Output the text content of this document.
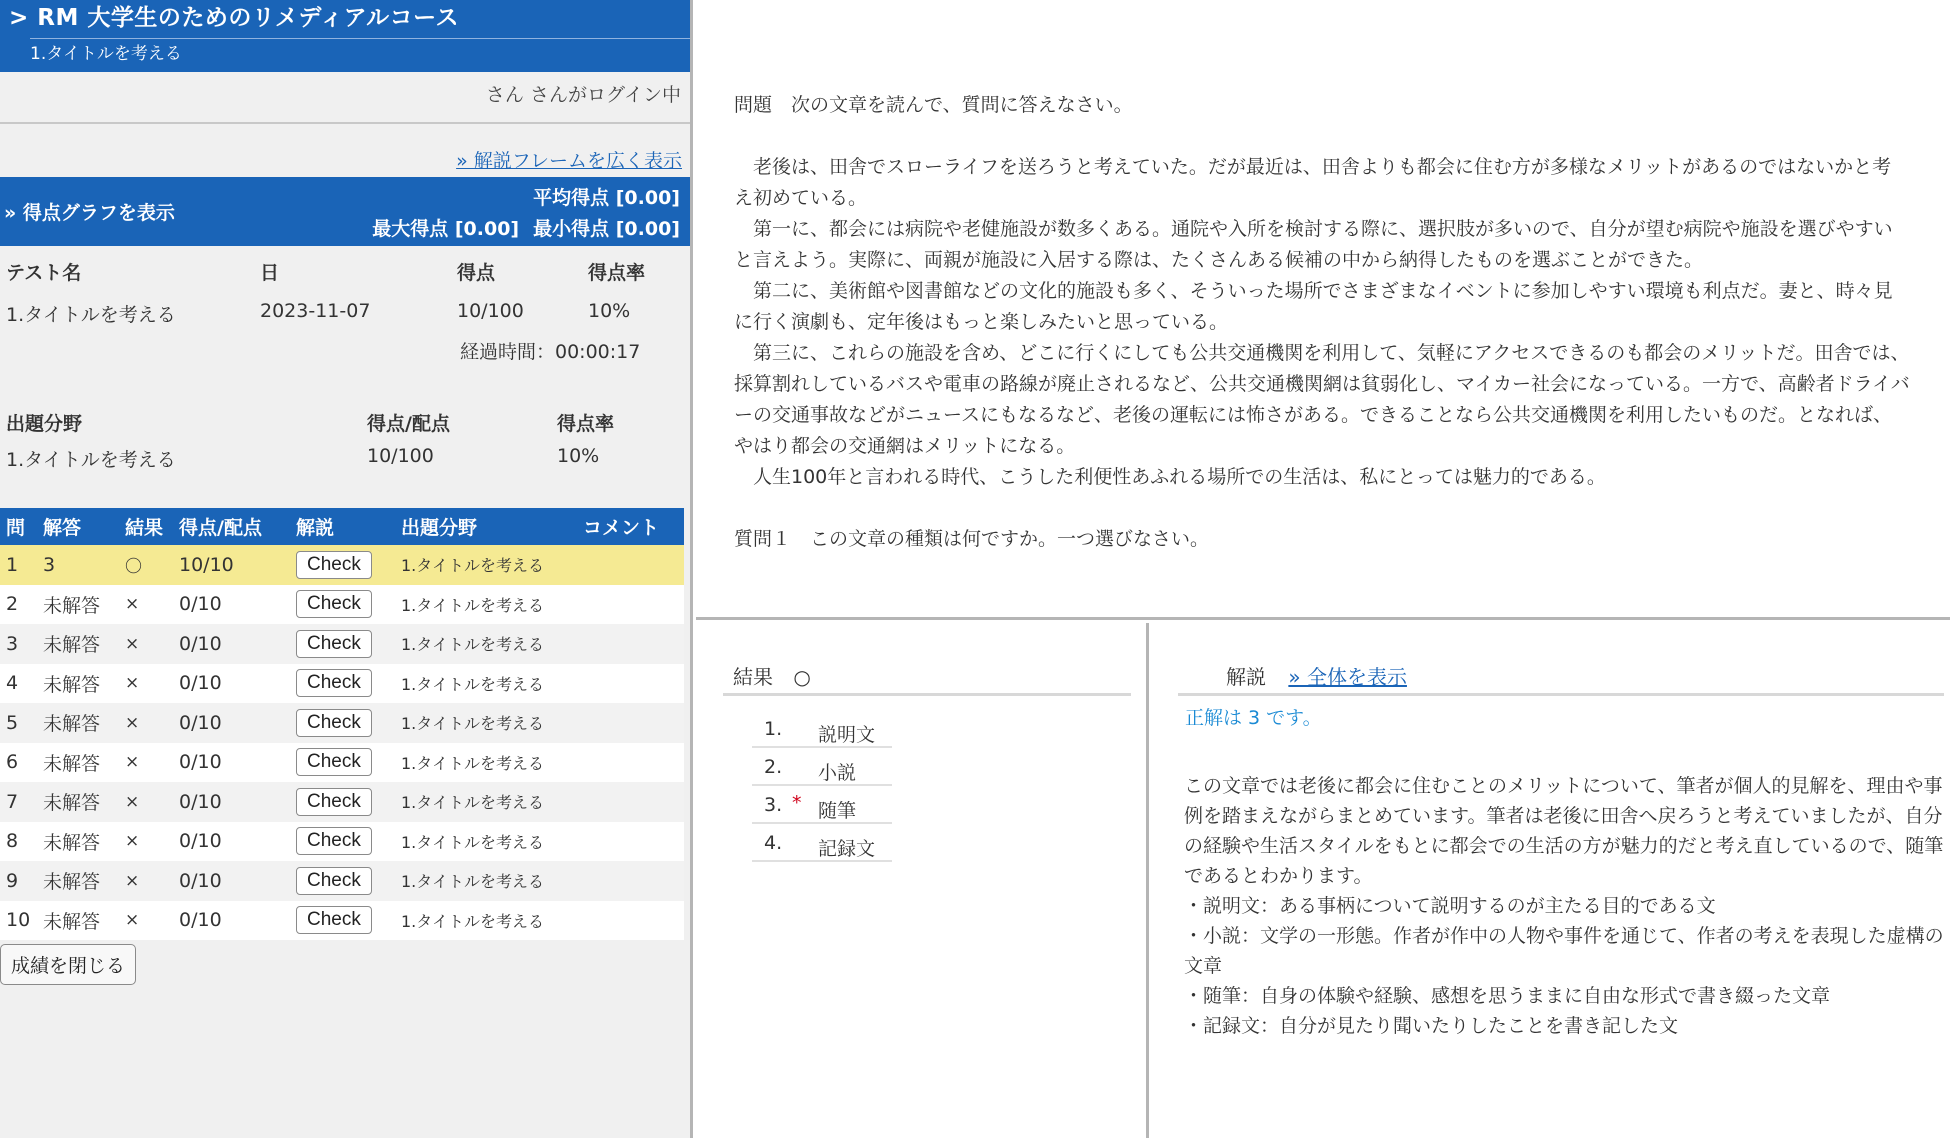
> RM 大学生のためのリメディアルコース
1.タイトルを考える
さん さんがログイン中
» 解説フレームを広く表示
» 得点グラフを表示
平均得点 [0.00]
最大得点 [0.00] 最小得点 [0.00]
テスト名	日	得点	得点率
1.タイトルを考える	2023-11-07	10/100	10%
経過時間：00:00:17
出題分野	得点/配点	得点率
1.タイトルを考える	10/100	10%
問	解答	結果	得点/配点	解説	出題分野	コメント
1	3	〇	10/10	Check	1.タイトルを考える	
2	未解答	×	0/10	Check	1.タイトルを考える	
3	未解答	×	0/10	Check	1.タイトルを考える	
4	未解答	×	0/10	Check	1.タイトルを考える	
5	未解答	×	0/10	Check	1.タイトルを考える	
6	未解答	×	0/10	Check	1.タイトルを考える	
7	未解答	×	0/10	Check	1.タイトルを考える	
8	未解答	×	0/10	Check	1.タイトルを考える	
9	未解答	×	0/10	Check	1.タイトルを考える	
10	未解答	×	0/10	Check	1.タイトルを考える	
成績を閉じる

問題　次の文章を読んで、質問に答えなさい。

老後は、田舎でスローライフを送ろうと考えていた。だが最近は、田舎よりも都会に住む方が多様なメリットがあるのではないかと考え初めている。

第一に、都会には病院や老健施設が数多くある。通院や入所を検討する際に、選択肢が多いので、自分が望む病院や施設を選びやすいと言えよう。実際に、両親が施設に入居する際は、たくさんある候補の中から納得したものを選ぶことができた。

第二に、美術館や図書館などの文化的施設も多く、そういった場所でさまざまなイベントに参加しやすい環境も利点だ。妻と、時々見に行く演劇も、定年後はもっと楽しみたいと思っている。

第三に、これらの施設を含め、どこに行くにしても公共交通機関を利用して、気軽にアクセスできるのも都会のメリットだ。田舎では、採算割れしているバスや電車の路線が廃止されるなど、公共交通機関網は貧弱化し、マイカー社会になっている。一方で、高齢者ドライバーの交通事故などがニュースにもなるなど、老後の運転には怖さがある。できることなら公共交通機関を利用したいものだ。となれば、やはり都会の交通網はメリットになる。

人生100年と言われる時代、こうした利便性あふれる場所での生活は、私にとっては魅力的である。

質問１　この文章の種類は何ですか。一つ選びなさい。

結果 ○
1. 説明文
2. 小説
3. * 随筆
4. 記録文
解説 » 全体を表示
正解は 3 です。

この文章では老後に都会に住むことのメリットについて、筆者が個人的見解を、理由や事例を踏まえながらまとめています。筆者は老後に田舎へ戻ろうと考えていましたが、自分の経験や生活スタイルをもとに都会での生活の方が魅力的だと考え直しているので、随筆であるとわかります。

・説明文：ある事柄について説明するのが主たる目的である文

・小説：文学の一形態。作者が作中の人物や事件を通じて、作者の考えを表現した虚構の文章

・随筆：自身の体験や経験、感想を思うままに自由な形式で書き綴った文章

・記録文：自分が見たり聞いたりしたことを書き記した文
